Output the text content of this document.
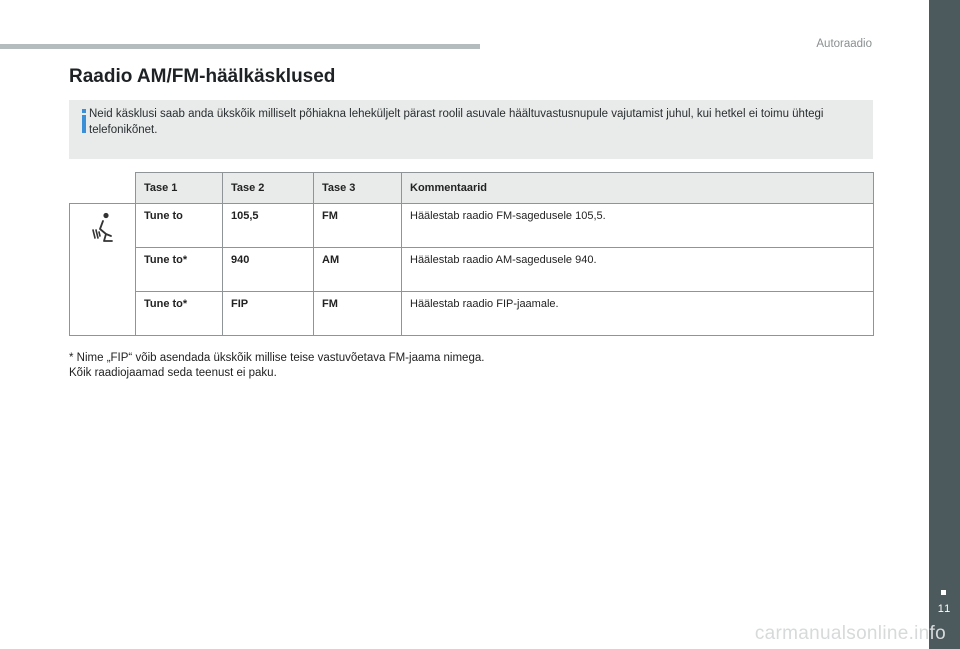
Autoraadio
11
Raadio AM/FM-häälkäsklused
Neid käsklusi saab anda ükskõik milliselt põhiakna leheküljelt pärast roolil asuvale häältuvastusnupule vajutamist juhul, kui hetkel ei toimu ühtegi telefonikõnet.
	Tase 1	Tase 2	Tase 3	Kommentaarid
	Tune to	105,5	FM	Häälestab raadio FM-sagedusele 105,5.
	Tune to*	940	AM	Häälestab raadio AM-sagedusele 940.
	Tune to*	FIP	FM	Häälestab raadio FIP-jaamale.
* Nime „FIP“ võib asendada ükskõik millise teise vastuvõetava FM-jaama nimega.
Kõik raadiojaamad seda teenust ei paku.
carmanualsonline.info
